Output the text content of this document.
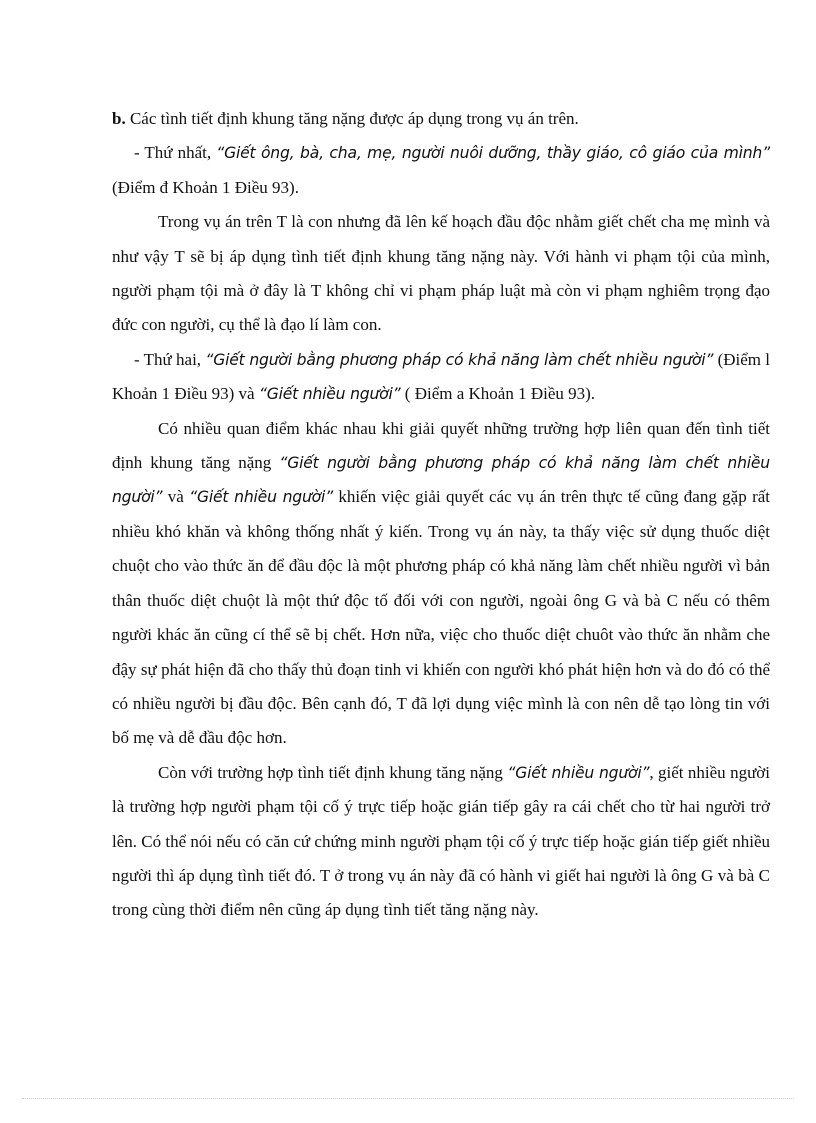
b. Các tình tiết định khung tăng nặng được áp dụng trong vụ án trên.

- Thứ nhất, “Giết ông, bà, cha, mẹ, người nuôi dưỡng, thầy giáo, cô giáo của mình” (Điểm đ Khoản 1 Điều 93).

Trong vụ án trên T là con nhưng đã lên kế hoạch đầu độc nhằm giết chết cha mẹ mình và như vậy T sẽ bị áp dụng tình tiết định khung tăng nặng này. Với hành vi phạm tội của mình, người phạm tội mà ở đây là T không chỉ vi phạm pháp luật mà còn vi phạm nghiêm trọng đạo đức con người, cụ thể là đạo lí làm con.

- Thứ hai, “Giết người bằng phương pháp có khả năng làm chết nhiều người” (Điểm l Khoản 1 Điều 93) và “Giết nhiều người” ( Điểm a Khoản 1 Điều 93).

Có nhiều quan điểm khác nhau khi giải quyết những trường hợp liên quan đến tình tiết định khung tăng nặng “Giết người bằng phương pháp có khả năng làm chết nhiều người” và “Giết nhiều người” khiến việc giải quyết các vụ án trên thực tế cũng đang gặp rất nhiều khó khăn và không thống nhất ý kiến. Trong vụ án này, ta thấy việc sử dụng thuốc diệt chuột cho vào thức ăn để đầu độc là một phương pháp có khả năng làm chết nhiều người vì bản thân thuốc diệt chuột là một thứ độc tố đối với con người, ngoài ông G và bà C nếu có thêm người khác ăn cũng cí thể sẽ bị chết. Hơn nữa, việc cho thuốc diệt chuôt vào thức ăn nhằm che đậy sự phát hiện đã cho thấy thủ đoạn tinh vi khiến con người khó phát hiện hơn và do đó có thể có nhiều người bị đầu độc. Bên cạnh đó, T đã lợi dụng việc mình là con nên dễ tạo lòng tin với bố mẹ và dễ đầu độc hơn.

Còn với trường hợp tình tiết định khung tăng nặng “Giết nhiều người”, giết nhiều người là trường hợp người phạm tội cố ý trực tiếp hoặc gián tiếp gây ra cái chết cho từ hai người trở lên. Có thể nói nếu có căn cứ chứng minh người phạm tội cố ý trực tiếp hoặc gián tiếp giết nhiều người thì áp dụng tình tiết đó. T ở trong vụ án này đã có hành vi giết hai người là ông G và bà C trong cùng thời điểm nên cũng áp dụng tình tiết tăng nặng này.
